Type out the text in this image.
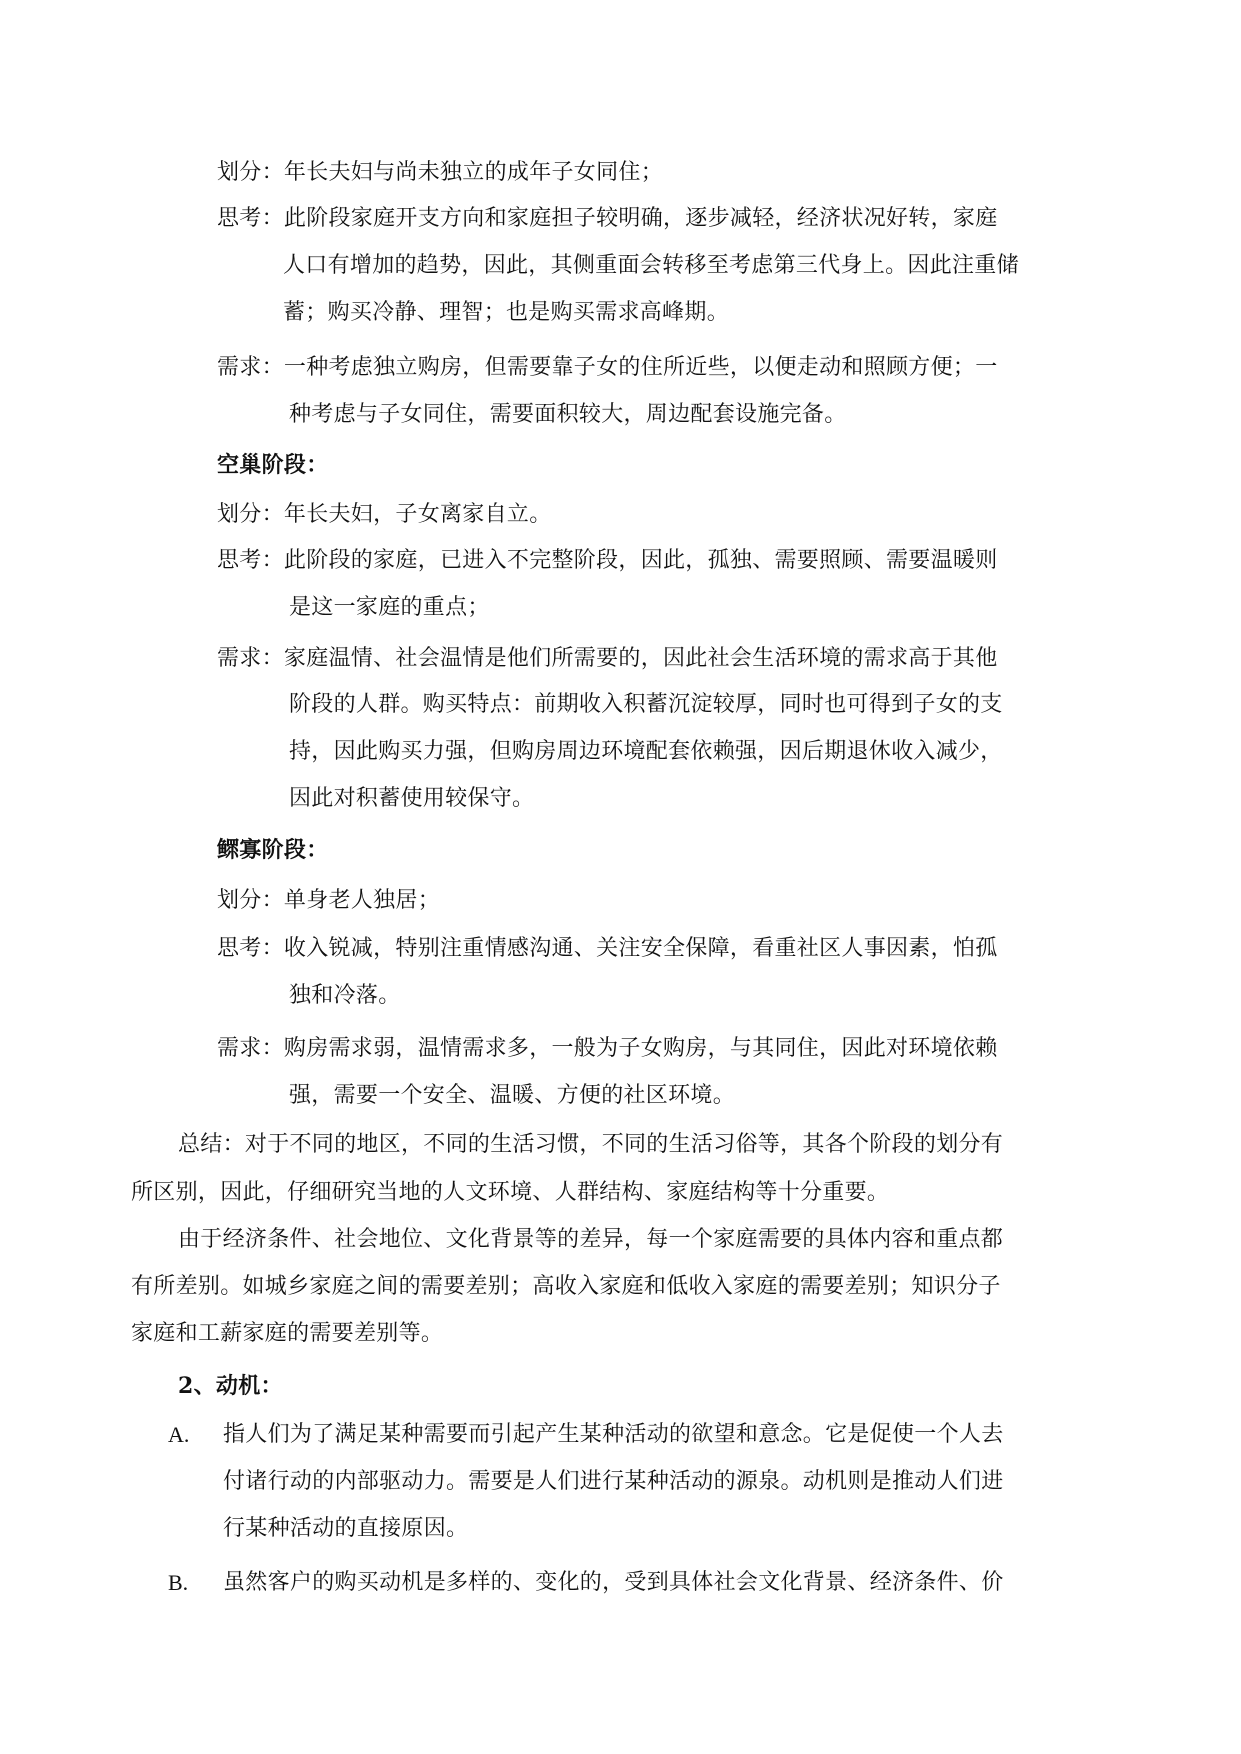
划分：年长夫妇与尚未独立的成年子女同住；
思考：此阶段家庭开支方向和家庭担子较明确，逐步减轻，经济状况好转，家庭
人口有增加的趋势，因此，其侧重面会转移至考虑第三代身上。因此注重储
蓄；购买冷静、理智；也是购买需求高峰期。
需求：一种考虑独立购房，但需要靠子女的住所近些，以便走动和照顾方便；一
种考虑与子女同住，需要面积较大，周边配套设施完备。
空巢阶段：
划分：年长夫妇，子女离家自立。
思考：此阶段的家庭，已进入不完整阶段，因此，孤独、需要照顾、需要温暖则
是这一家庭的重点；
需求：家庭温情、社会温情是他们所需要的，因此社会生活环境的需求高于其他
阶段的人群。购买特点：前期收入积蓄沉淀较厚，同时也可得到子女的支
持，因此购买力强，但购房周边环境配套依赖强，因后期退休收入减少，
因此对积蓄使用较保守。
鳏寡阶段：
划分：单身老人独居；
思考：收入锐减，特别注重情感沟通、关注安全保障，看重社区人事因素，怕孤
独和冷落。
需求：购房需求弱，温情需求多，一般为子女购房，与其同住，因此对环境依赖
强，需要一个安全、温暖、方便的社区环境。
总结：对于不同的地区，不同的生活习惯，不同的生活习俗等，其各个阶段的划分有
所区别，因此，仔细研究当地的人文环境、人群结构、家庭结构等十分重要。
由于经济条件、社会地位、文化背景等的差异，每一个家庭需要的具体内容和重点都
有所差别。如城乡家庭之间的需要差别；高收入家庭和低收入家庭的需要差别；知识分子
家庭和工薪家庭的需要差别等。
2、动机：
A. 指人们为了满足某种需要而引起产生某种活动的欲望和意念。它是促使一个人去
付诸行动的内部驱动力。需要是人们进行某种活动的源泉。动机则是推动人们进
行某种活动的直接原因。
B. 虽然客户的购买动机是多样的、变化的，受到具体社会文化背景、经济条件、价
